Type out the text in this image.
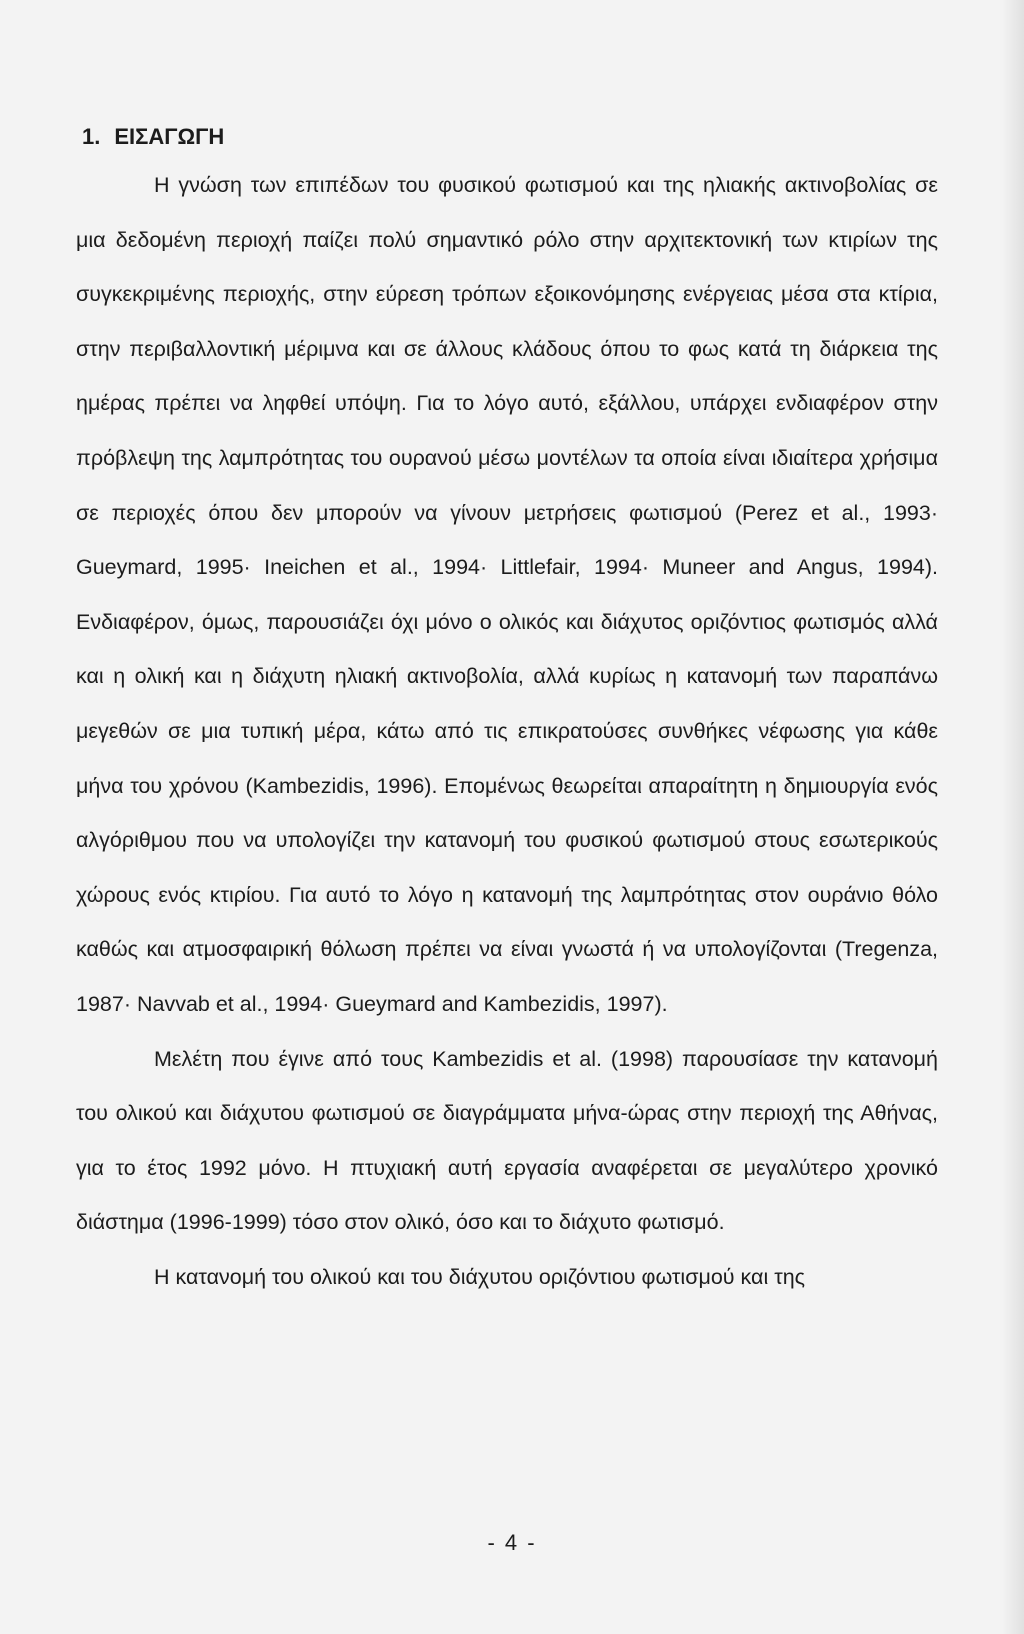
1. ΕΙΣΑΓΩΓΗ

Η γνώση των επιπέδων του φυσικού φωτισμού και της ηλιακής ακτινοβολίας σε μια δεδομένη περιοχή παίζει πολύ σημαντικό ρόλο στην αρχιτεκτονική των κτιρίων της συγκεκριμένης περιοχής, στην εύρεση τρόπων εξοικονόμησης ενέργειας μέσα στα κτίρια, στην περιβαλλοντική μέριμνα και σε άλλους κλάδους όπου το φως κατά τη διάρκεια της ημέρας πρέπει να ληφθεί υπόψη. Για το λόγο αυτό, εξάλλου, υπάρχει ενδιαφέρον στην πρόβλεψη της λαμπρότητας του ουρανού μέσω μοντέλων τα οποία είναι ιδιαίτερα χρήσιμα σε περιοχές όπου δεν μπορούν να γίνουν μετρήσεις φωτισμού (Perez et al., 1993· Gueymard, 1995· Ineichen et al., 1994· Littlefair, 1994· Muneer and Angus, 1994). Ενδιαφέρον, όμως, παρουσιάζει όχι μόνο ο ολικός και διάχυτος οριζόντιος φωτισμός αλλά και η ολική και η διάχυτη ηλιακή ακτινοβολία, αλλά κυρίως η κατανομή των παραπάνω μεγεθών σε μια τυπική μέρα, κάτω από τις επικρατούσες συνθήκες νέφωσης για κάθε μήνα του χρόνου (Kambezidis, 1996). Επομένως θεωρείται απαραίτητη η δημιουργία ενός αλγόριθμου που να υπολογίζει την κατανομή του φυσικού φωτισμού στους εσωτερικούς χώρους ενός κτιρίου. Για αυτό το λόγο η κατανομή της λαμπρότητας στον ουράνιο θόλο καθώς και ατμοσφαιρική θόλωση πρέπει να είναι γνωστά ή να υπολογίζονται (Tregenza, 1987· Navvab et al., 1994· Gueymard and Kambezidis, 1997).

Μελέτη που έγινε από τους Kambezidis et al. (1998) παρουσίασε την κατανομή του ολικού και διάχυτου φωτισμού σε διαγράμματα μήνα-ώρας στην περιοχή της Αθήνας, για το έτος 1992 μόνο. Η πτυχιακή αυτή εργασία αναφέρεται σε μεγαλύτερο χρονικό διάστημα (1996-1999) τόσο στον ολικό, όσο και το διάχυτο φωτισμό.

Η κατανομή του ολικού και του διάχυτου οριζόντιου φωτισμού και της

- 4 -
